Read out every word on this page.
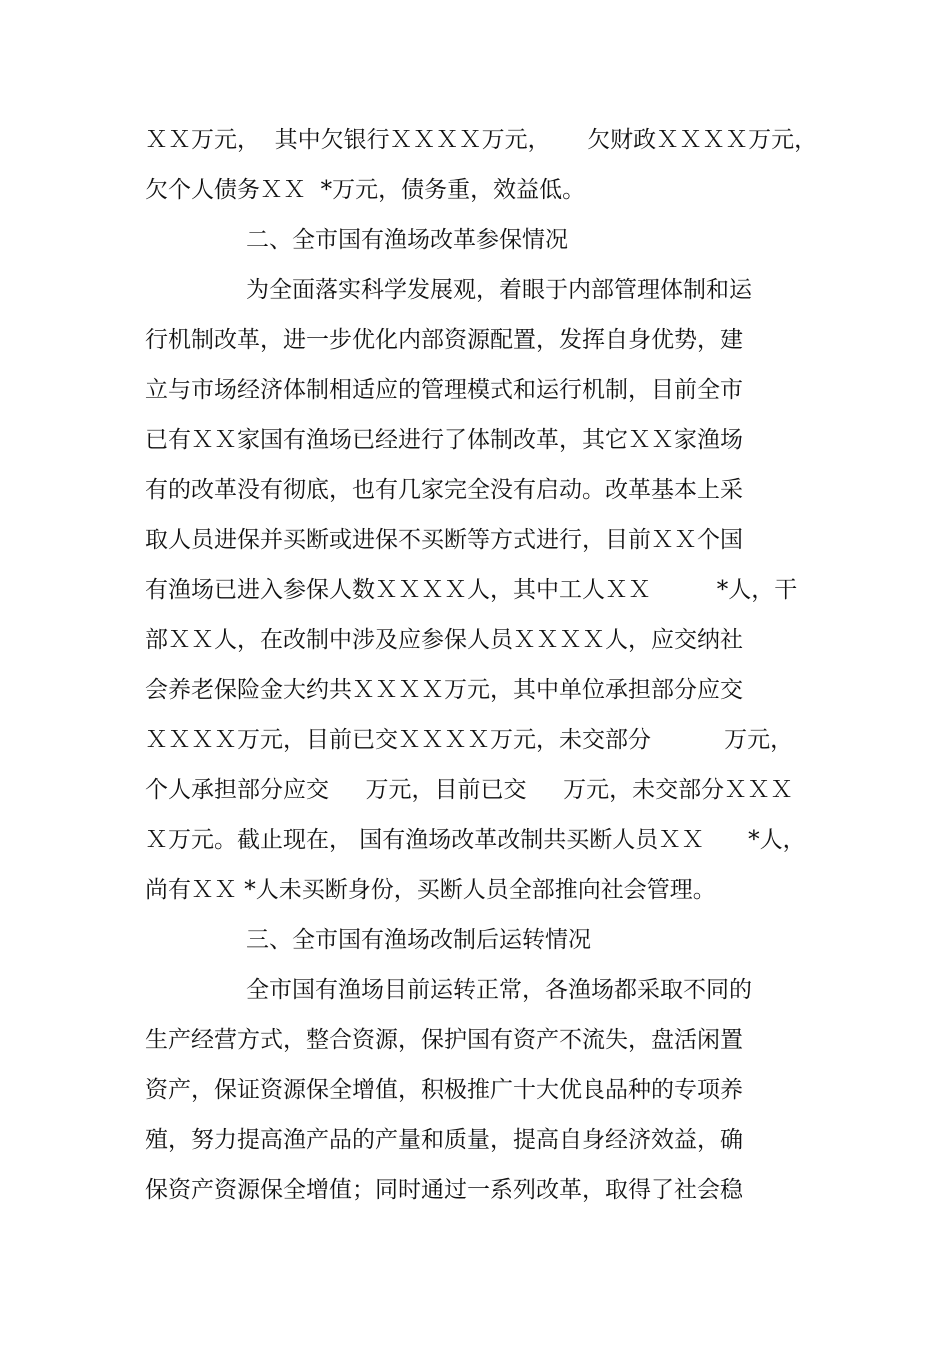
ＸＸ万元，  其中欠银行ＸＸＸＸ万元，     欠财政ＸＸＸＸ万元，
欠个人债务ＸＸ  *万元，债务重，效益低。
二、全市国有渔场改革参保情况
为全面落实科学发展观，着眼于内部管理体制和运
行机制改革，进一步优化内部资源配置，发挥自身优势，建
立与市场经济体制相适应的管理模式和运行机制，目前全市
已有ＸＸ家国有渔场已经进行了体制改革，其它ＸＸ家渔场
有的改革没有彻底，也有几家完全没有启动。改革基本上采
取人员进保并买断或进保不买断等方式进行，目前ＸＸ个国
有渔场已进入参保人数ＸＸＸＸ人，其中工人ＸＸ         *人，干
部ＸＸ人，在改制中涉及应参保人员ＸＸＸＸ人，应交纳社
会养老保险金大约共ＸＸＸＸ万元，其中单位承担部分应交
ＸＸＸＸ万元，目前已交ＸＸＸＸ万元，未交部分          万元，
个人承担部分应交     万元，目前已交     万元，未交部分ＸＸＸ
Ｘ万元。截止现在， 国有渔场改革改制共买断人员ＸＸ      *人，
尚有ＸＸ *人未买断身份，买断人员全部推向社会管理。
三、全市国有渔场改制后运转情况
全市国有渔场目前运转正常，各渔场都采取不同的
生产经营方式，整合资源，保护国有资产不流失，盘活闲置
资产，保证资源保全增值，积极推广十大优良品种的专项养
殖，努力提高渔产品的产量和质量，提高自身经济效益，确
保资产资源保全增值；同时通过一系列改革，取得了社会稳
